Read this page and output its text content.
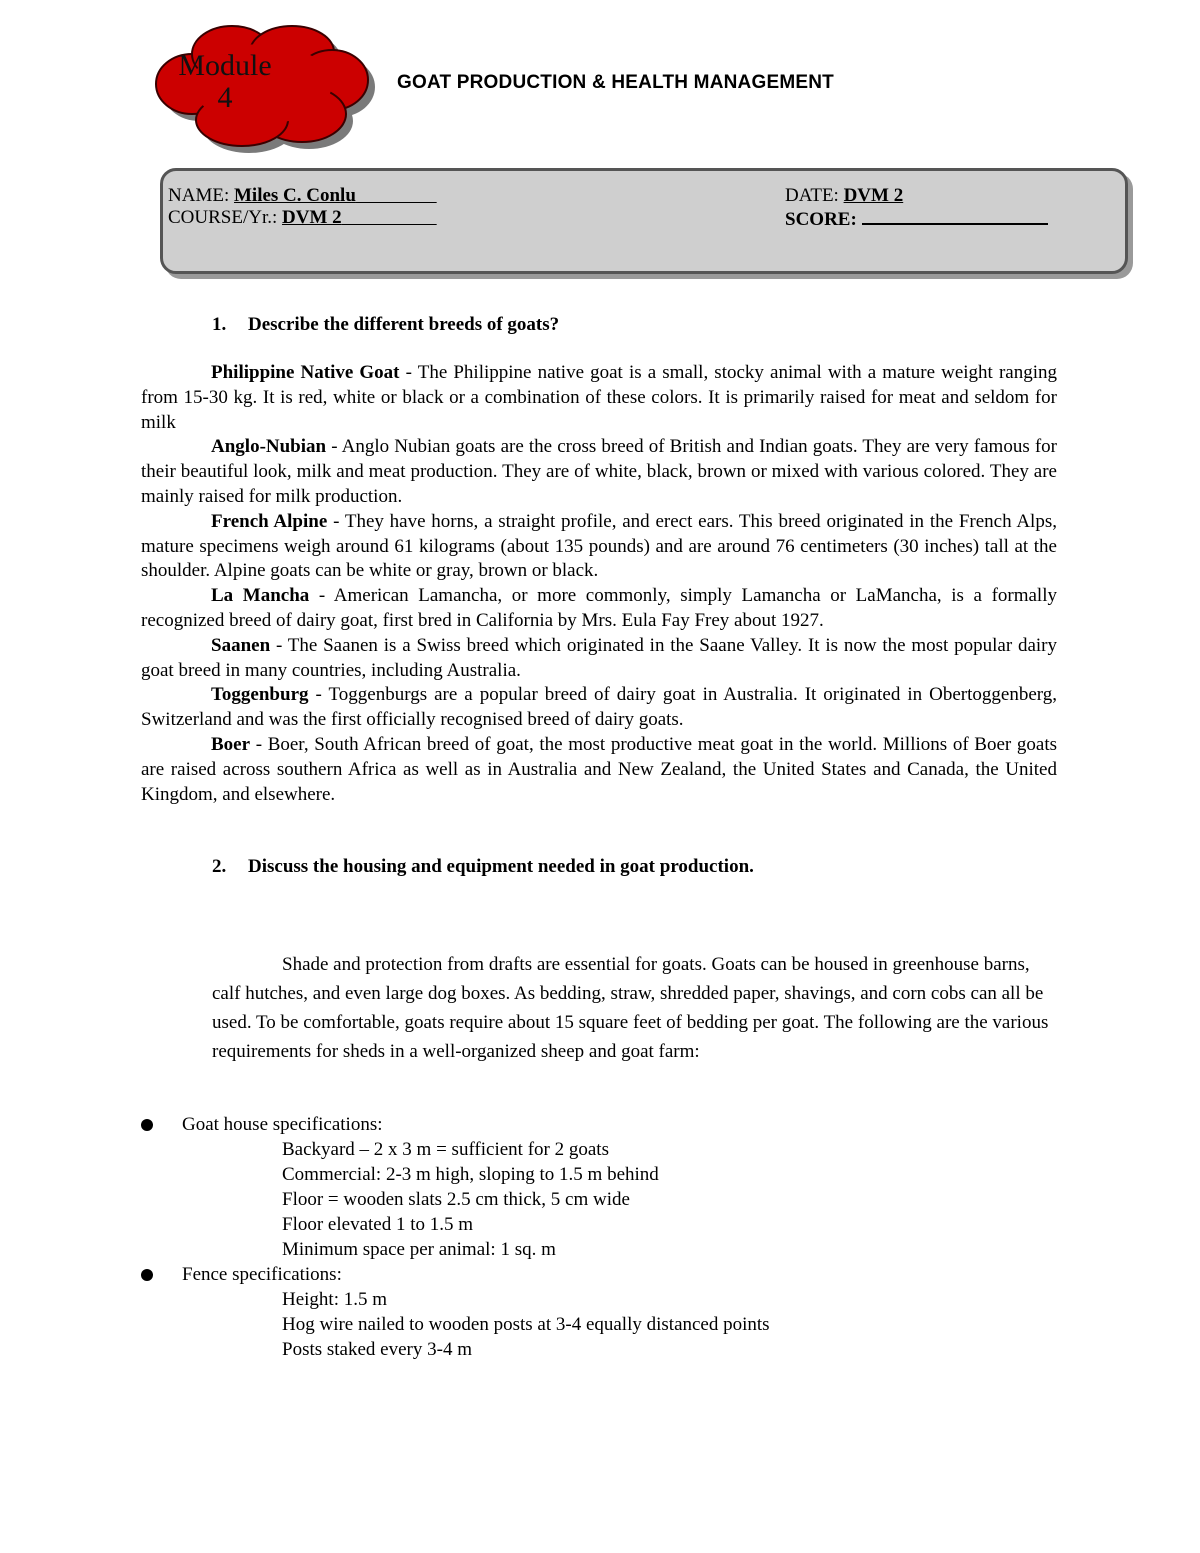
Module
4	GOAT PRODUCTION & HEALTH MANAGEMENT
NAME: Miles C. Conlu
COURSE/Yr.: DVM 2
DATE: DVM 2
SCORE:
1. Describe the different breeds of goats?

Philippine Native Goat - The Philippine native goat is a small, stocky animal with a mature weight ranging from 15-30 kg. It is red, white or black or a combination of these colors. It is primarily raised for meat and seldom for milk

Anglo-Nubian - Anglo Nubian goats are the cross breed of British and Indian goats. They are very famous for their beautiful look, milk and meat production. They are of white, black, brown or mixed with various colored. They are mainly raised for milk production.

French Alpine - They have horns, a straight profile, and erect ears. This breed originated in the French Alps, mature specimens weigh around 61 kilograms (about 135 pounds) and are around 76 centimeters (30 inches) tall at the shoulder. Alpine goats can be white or gray, brown or black.

La Mancha - American Lamancha, or more commonly, simply Lamancha or LaMancha, is a formally recognized breed of dairy goat, first bred in California by Mrs. Eula Fay Frey about 1927.

Saanen - The Saanen is a Swiss breed which originated in the Saane Valley. It is now the most popular dairy goat breed in many countries, including Australia.

Toggenburg - Toggenburgs are a popular breed of dairy goat in Australia. It originated in Obertoggenberg, Switzerland and was the first officially recognised breed of dairy goats.

Boer - Boer, South African breed of goat, the most productive meat goat in the world. Millions of Boer goats are raised across southern Africa as well as in Australia and New Zealand, the United States and Canada, the United Kingdom, and elsewhere.

2. Discuss the housing and equipment needed in goat production.

Shade and protection from drafts are essential for goats. Goats can be housed in greenhouse barns, calf hutches, and even large dog boxes. As bedding, straw, shredded paper, shavings, and corn cobs can all be used. To be comfortable, goats require about 15 square feet of bedding per goat. The following are the various requirements for sheds in a well-organized sheep and goat farm:

Goat house specifications:
Backyard – 2 x 3 m = sufficient for 2 goats
Commercial: 2-3 m high, sloping to 1.5 m behind
Floor = wooden slats 2.5 cm thick, 5 cm wide
Floor elevated 1 to 1.5 m
Minimum space per animal: 1 sq. m
Fence specifications:
Height: 1.5 m
Hog wire nailed to wooden posts at 3-4 equally distanced points
Posts staked every 3-4 m
